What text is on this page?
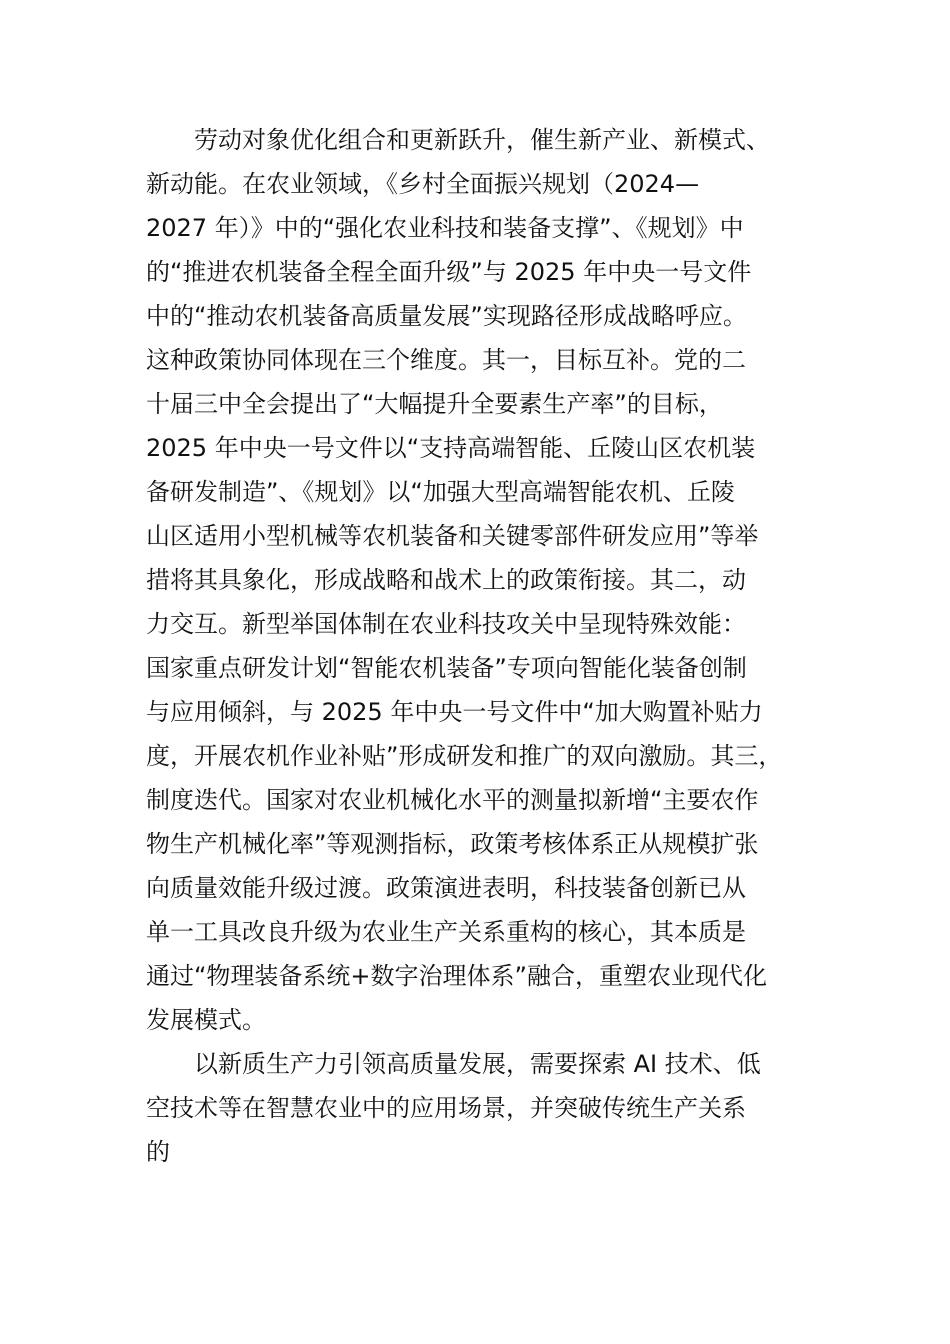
劳动对象优化组合和更新跃升，催生新产业、新模式、
新动能。在农业领域，《乡村全面振兴规划（2024—
2027 年）》中的“强化农业科技和装备支撑”、《规划》中
的“推进农机装备全程全面升级”与 2025 年中央一号文件
中的“推动农机装备高质量发展”实现路径形成战略呼应。
这种政策协同体现在三个维度。其一，目标互补。党的二
十届三中全会提出了“大幅提升全要素生产率”的目标，
2025 年中央一号文件以“支持高端智能、丘陵山区农机装
备研发制造”、《规划》以“加强大型高端智能农机、丘陵
山区适用小型机械等农机装备和关键零部件研发应用”等举
措将其具象化，形成战略和战术上的政策衔接。其二，动
力交互。新型举国体制在农业科技攻关中呈现特殊效能：
国家重点研发计划“智能农机装备”专项向智能化装备创制
与应用倾斜，与 2025 年中央一号文件中“加大购置补贴力
度，开展农机作业补贴”形成研发和推广的双向激励。其三，
制度迭代。国家对农业机械化水平的测量拟新增“主要农作
物生产机械化率”等观测指标，政策考核体系正从规模扩张
向质量效能升级过渡。政策演进表明，科技装备创新已从
单一工具改良升级为农业生产关系重构的核心，其本质是
通过“物理装备系统+数字治理体系”融合，重塑农业现代化
发展模式。
以新质生产力引领高质量发展，需要探索 AI 技术、低
空技术等在智慧农业中的应用场景，并突破传统生产关系
的
